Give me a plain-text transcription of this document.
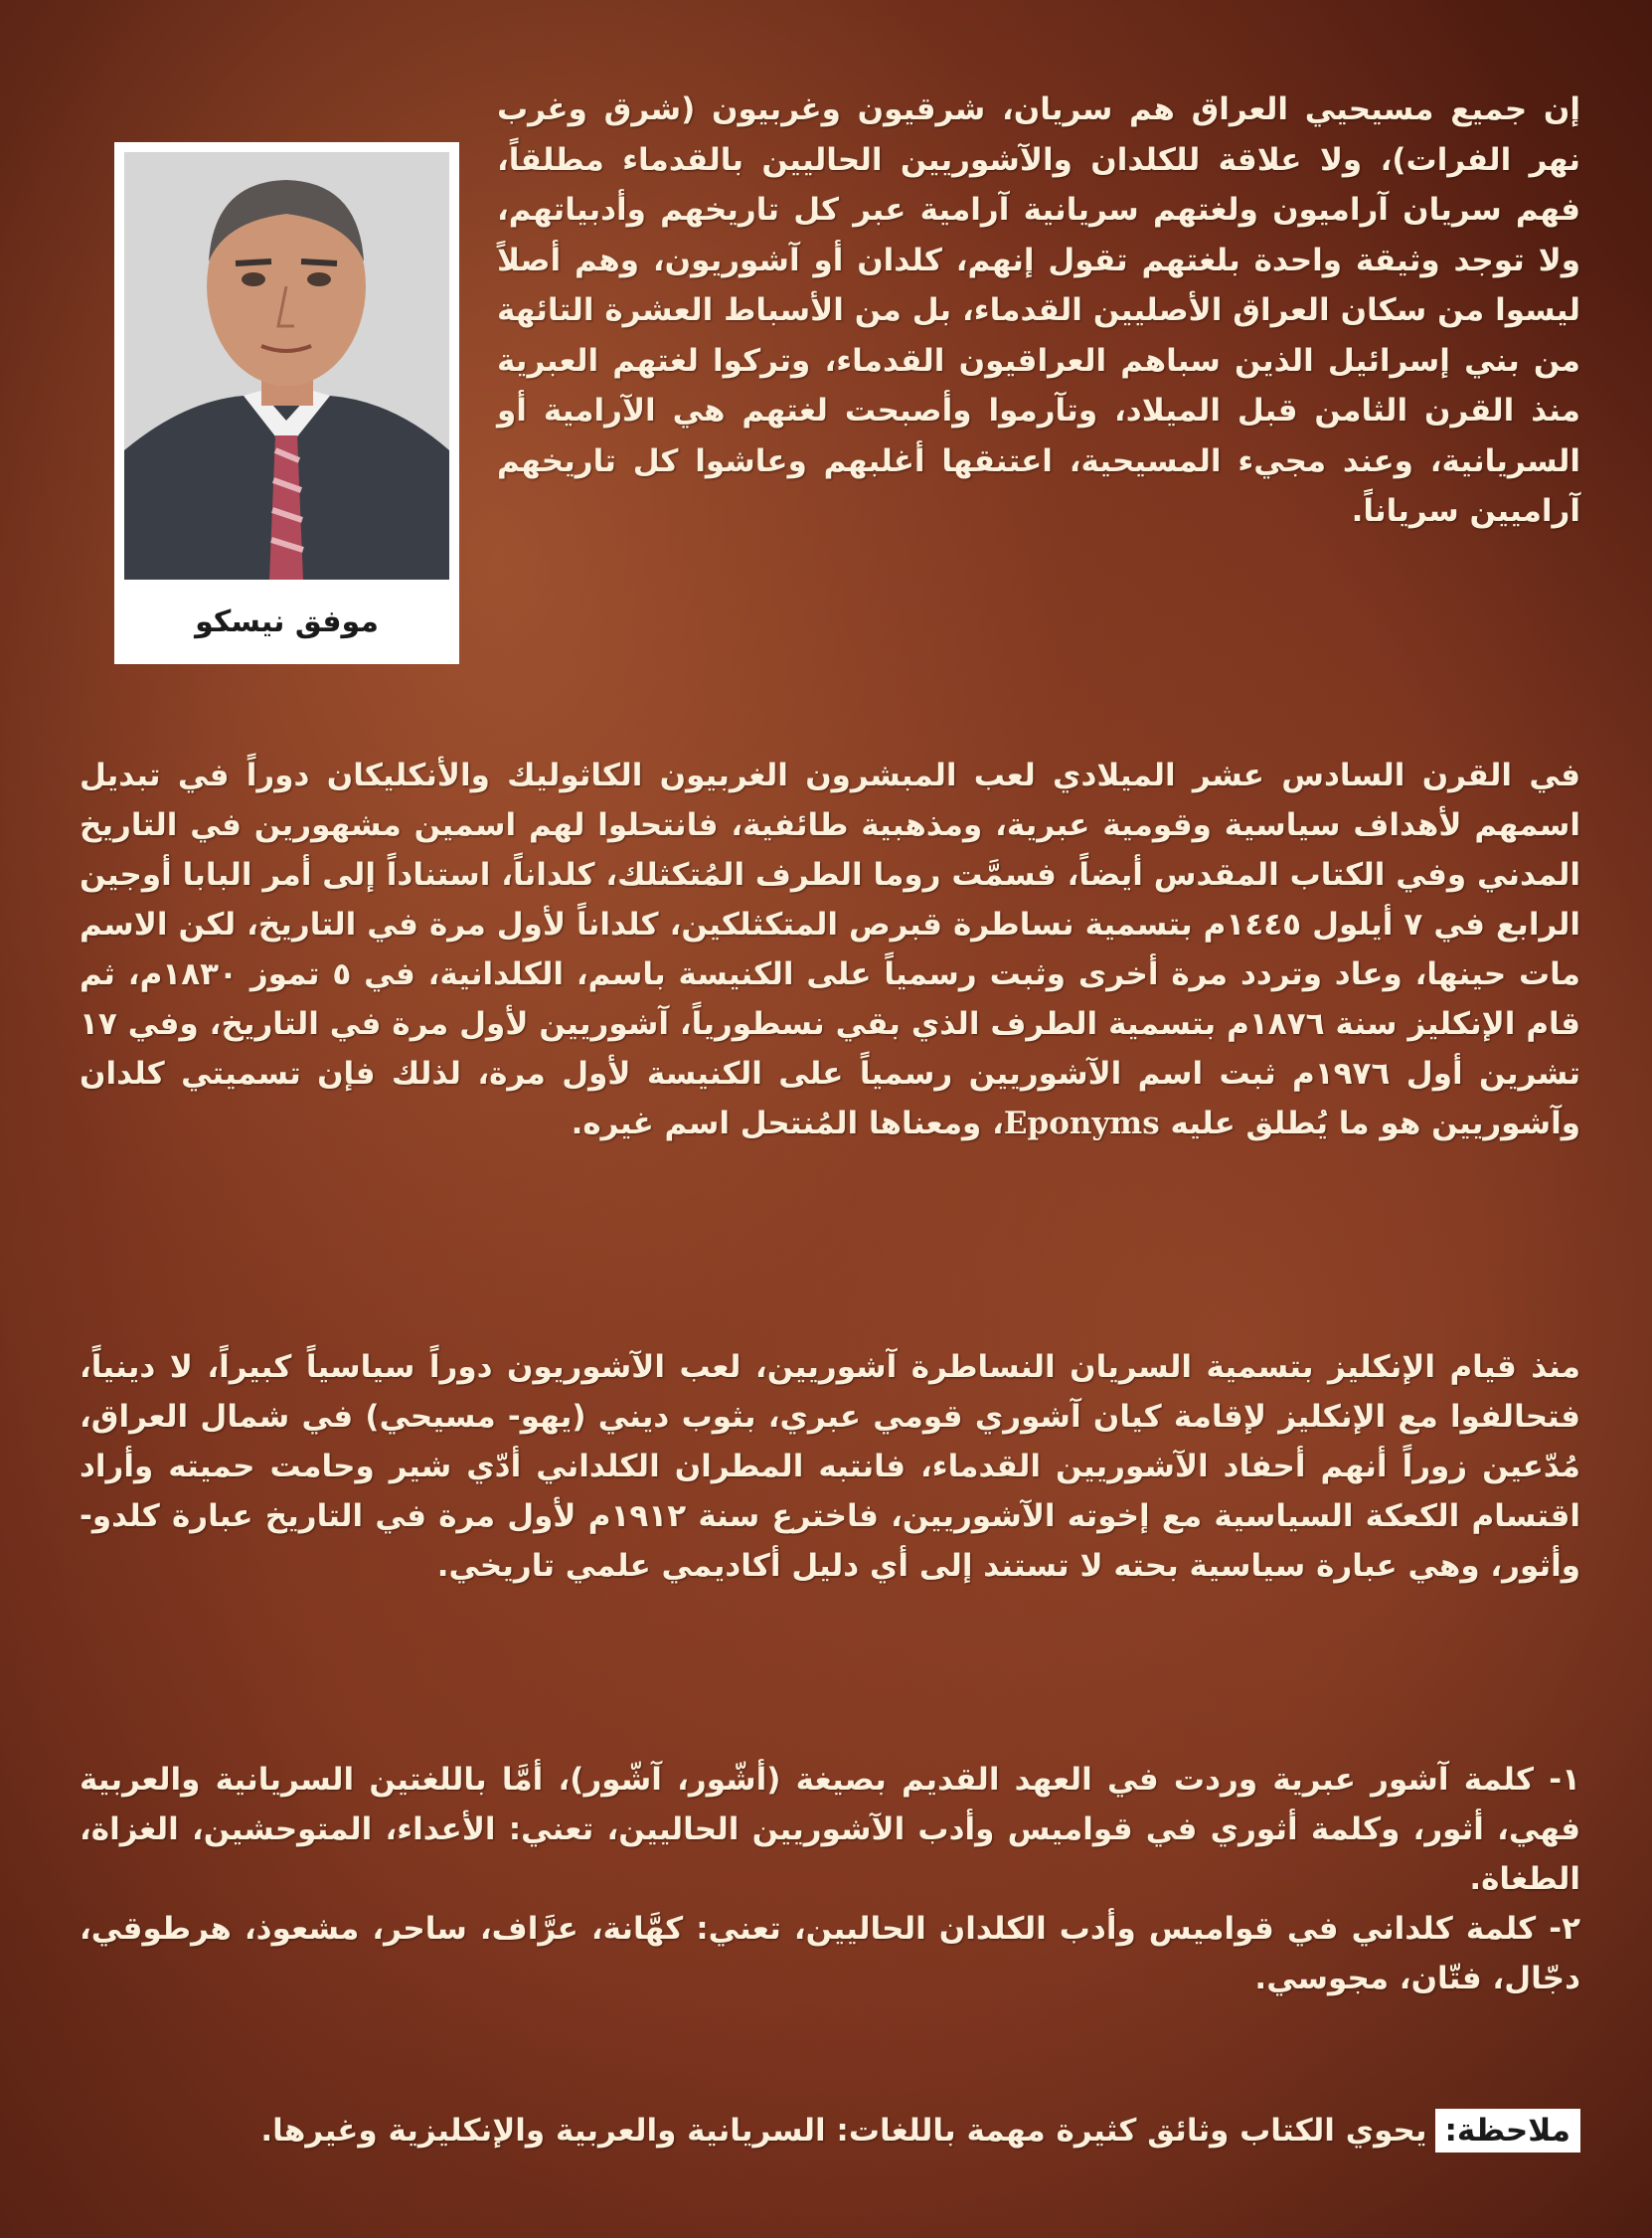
موفق نيسكو

إن جميع مسيحيي العراق هم سريان، شرقيون وغربيون (شرق وغرب نهر الفرات)، ولا علاقة للكلدان والآشوريين الحاليين بالقدماء مطلقاً، فهم سريان آراميون ولغتهم سريانية آرامية عبر كل تاريخهم وأدبياتهم، ولا توجد وثيقة واحدة بلغتهم تقول إنهم، كلدان أو آشوريون، وهم أصلاً ليسوا من سكان العراق الأصليين القدماء، بل من الأسباط العشرة التائهة من بني إسرائيل الذين سباهم العراقيون القدماء، وتركوا لغتهم العبرية منذ القرن الثامن قبل الميلاد، وتآرموا وأصبحت لغتهم هي الآرامية أو السريانية، وعند مجيء المسيحية، اعتنقها أغلبهم وعاشوا كل تاريخهم آراميين سرياناً.

في القرن السادس عشر الميلادي لعب المبشرون الغربيون الكاثوليك والأنكليكان دوراً في تبديل اسمهم لأهداف سياسية وقومية عبرية، ومذهبية طائفية، فانتحلوا لهم اسمين مشهورين في التاريخ المدني وفي الكتاب المقدس أيضاً، فسمَّت روما الطرف المُتكثلك، كلداناً، استناداً إلى أمر البابا أوجين الرابع في ٧ أيلول ١٤٤٥م بتسمية نساطرة قبرص المتكثلكين، كلداناً لأول مرة في التاريخ، لكن الاسم مات حينها، وعاد وتردد مرة أخرى وثبت رسمياً على الكنيسة باسم، الكلدانية، في ٥ تموز ١٨٣٠م، ثم قام الإنكليز سنة ١٨٧٦م بتسمية الطرف الذي بقي نسطورياً، آشوريين لأول مرة في التاريخ، وفي ١٧ تشرين أول ١٩٧٦م ثبت اسم الآشوريين رسمياً على الكنيسة لأول مرة، لذلك فإن تسميتي كلدان وآشوريين هو ما يُطلق عليه Eponyms، ومعناها المُنتحل اسم غيره.

منذ قيام الإنكليز بتسمية السريان النساطرة آشوريين، لعب الآشوريون دوراً سياسياً كبيراً، لا دينياً، فتحالفوا مع الإنكليز لإقامة كيان آشوري قومي عبري، بثوب ديني (يهو- مسيحي) في شمال العراق، مُدّعين زوراً أنهم أحفاد الآشوريين القدماء، فانتبه المطران الكلداني أدّي شير وحامت حميته وأراد اقتسام الكعكة السياسية مع إخوته الآشوريين، فاخترع سنة ١٩١٢م لأول مرة في التاريخ عبارة كلدو- وأثور، وهي عبارة سياسية بحته لا تستند إلى أي دليل أكاديمي علمي تاريخي.

١- كلمة آشور عبرية وردت في العهد القديم بصيغة (أشّور، آشّور)، أمَّا باللغتين السريانية والعربية فهي، أثور، وكلمة أثوري في قواميس وأدب الآشوريين الحاليين، تعني: الأعداء، المتوحشين، الغزاة، الطغاة.
٢- كلمة كلداني في قواميس وأدب الكلدان الحاليين، تعني: كهَّانة، عرَّاف، ساحر، مشعوذ، هرطوقي، دجّال، فتّان، مجوسي.
ملاحظة:يحوي الكتاب وثائق كثيرة مهمة باللغات: السريانية والعربية والإنكليزية وغيرها.
